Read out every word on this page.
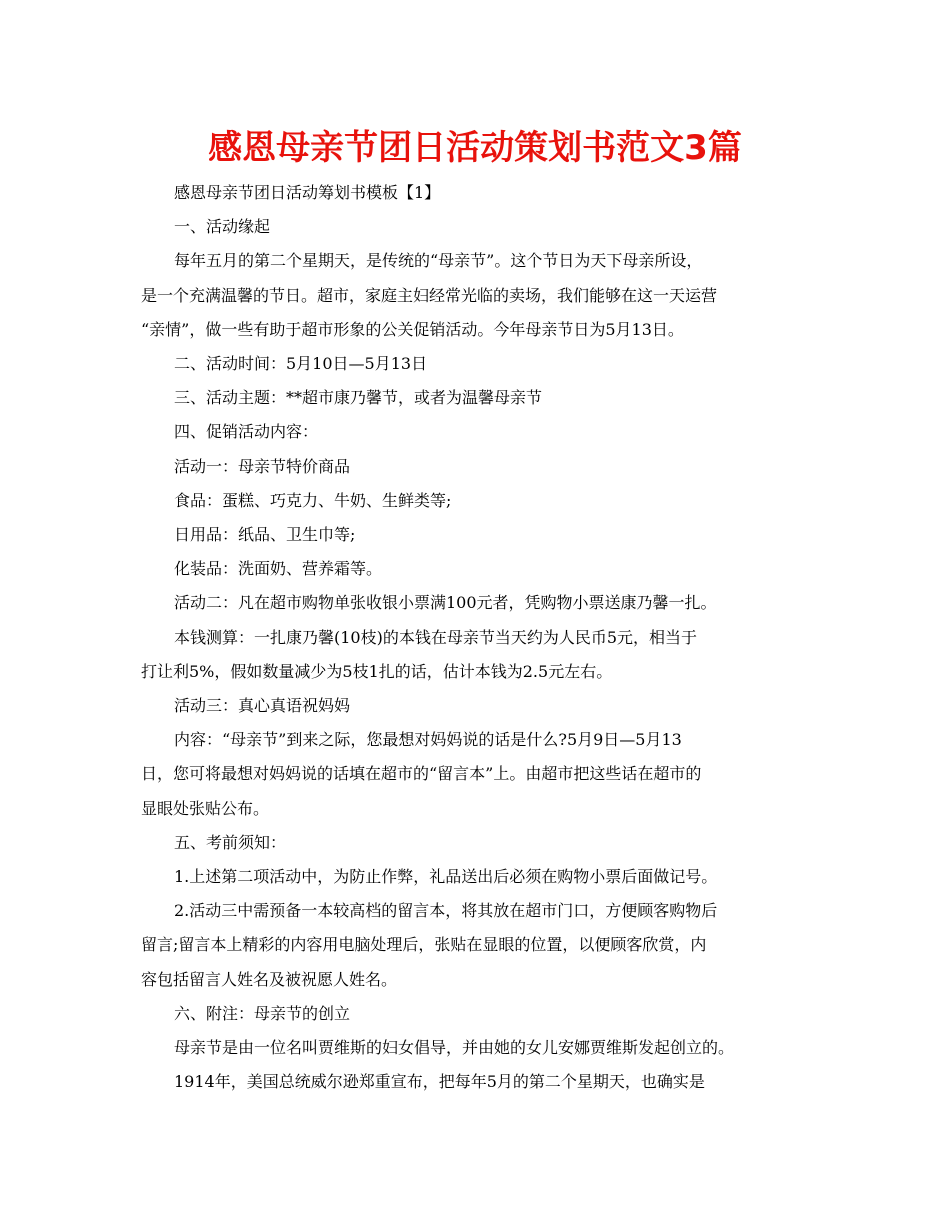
感恩母亲节团日活动策划书范文3篇

感恩母亲节团日活动筹划书模板【1】

一、活动缘起

每年五月的第二个星期天，是传统的“母亲节”。这个节日为天下母亲所设，

是一个充满温馨的节日。超市，家庭主妇经常光临的卖场，我们能够在这一天运营

“亲情”，做一些有助于超市形象的公关促销活动。今年母亲节日为5月13日。

二、活动时间：5月10日—5月13日

三、活动主题：**超市康乃馨节，或者为温馨母亲节

四、促销活动内容：

活动一：母亲节特价商品

食品：蛋糕、巧克力、牛奶、生鲜类等;

日用品：纸品、卫生巾等;

化装品：洗面奶、营养霜等。

活动二：凡在超市购物单张收银小票满100元者，凭购物小票送康乃馨一扎。

本钱测算：一扎康乃馨(10枝)的本钱在母亲节当天约为人民币5元，相当于

打让利5%，假如数量减少为5枝1扎的话，估计本钱为2.5元左右。

活动三：真心真语祝妈妈

内容：“母亲节”到来之际，您最想对妈妈说的话是什么?5月9日—5月13

日，您可将最想对妈妈说的话填在超市的“留言本”上。由超市把这些话在超市的

显眼处张贴公布。

五、考前须知：

1.上述第二项活动中，为防止作弊，礼品送出后必须在购物小票后面做记号。

2.活动三中需预备一本较高档的留言本，将其放在超市门口，方便顾客购物后

留言;留言本上精彩的内容用电脑处理后，张贴在显眼的位置，以便顾客欣赏，内

容包括留言人姓名及被祝愿人姓名。

六、附注：母亲节的创立

母亲节是由一位名叫贾维斯的妇女倡导，并由她的女儿安娜贾维斯发起创立的。

1914年，美国总统威尔逊郑重宣布，把每年5月的第二个星期天，也确实是
